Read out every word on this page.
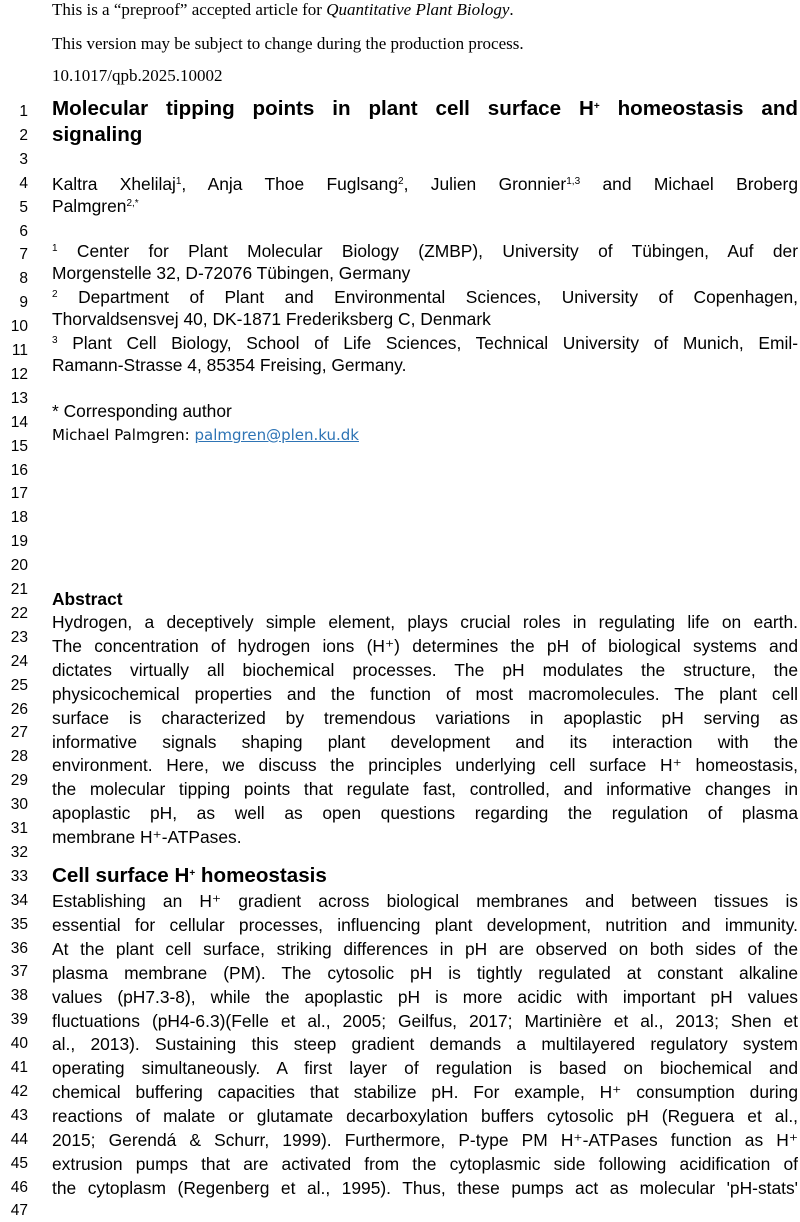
This is a “preproof” accepted article for Quantitative Plant Biology.
This version may be subject to change during the production process.
10.1017/qpb.2025.10002
1
2
3
4
5
6
7
8
9
10
11
12
13
14
15
16
17
18
19
20
21
22
23
24
25
26
27
28
29
30
31
32
33
34
35
36
37
38
39
40
41
42
43
44
45
46
47
Molecular tipping points in plant cell surface H+ homeostasis and
signaling
Kaltra Xhelilaj$^1$, Anja Thoe Fuglsang$^2$, Julien Gronnier$^{1,3}$ and Michael Broberg
Palmgren$^{2,*}$
$^1$ Center for Plant Molecular Biology (ZMBP), University of Tübingen, Auf der
Morgenstelle 32, D-72076 Tübingen, Germany
$^2$ Department of Plant and Environmental Sciences, University of Copenhagen,
Thorvaldsensvej 40, DK-1871 Frederiksberg C, Denmark
$^3$ Plant Cell Biology, School of Life Sciences, Technical University of Munich, Emil-
Ramann-Strasse 4, 85354 Freising, Germany.
* Corresponding author
Michael Palmgren: palmgren@plen.ku.dk
Abstract
Hydrogen, a deceptively simple element, plays crucial roles in regulating life on earth.
The concentration of hydrogen ions (H⁺) determines the pH of biological systems and
dictates virtually all biochemical processes. The pH modulates the structure, the
physicochemical properties and the function of most macromolecules. The plant cell
surface is characterized by tremendous variations in apoplastic pH serving as
informative signals shaping plant development and its interaction with the
environment. Here, we discuss the principles underlying cell surface H⁺ homeostasis,
the molecular tipping points that regulate fast, controlled, and informative changes in
apoplastic pH, as well as open questions regarding the regulation of plasma
membrane H⁺-ATPases.
Cell surface H+ homeostasis
Establishing an H⁺ gradient across biological membranes and between tissues is
essential for cellular processes, influencing plant development, nutrition and immunity.
At the plant cell surface, striking differences in pH are observed on both sides of the
plasma membrane (PM). The cytosolic pH is tightly regulated at constant alkaline
values (pH7.3-8), while the apoplastic pH is more acidic with important pH values
fluctuations (pH4-6.3)(Felle et al., 2005; Geilfus, 2017; Martinière et al., 2013; Shen et
al., 2013). Sustaining this steep gradient demands a multilayered regulatory system
operating simultaneously. A first layer of regulation is based on biochemical and
chemical buffering capacities that stabilize pH. For example, H⁺ consumption during
reactions of malate or glutamate decarboxylation buffers cytosolic pH (Reguera et al.,
2015; Gerendá & Schurr, 1999). Furthermore, P-type PM H⁺-ATPases function as H⁺
extrusion pumps that are activated from the cytoplasmic side following acidification of
the cytoplasm (Regenberg et al., 1995). Thus, these pumps act as molecular 'pH-stats'
